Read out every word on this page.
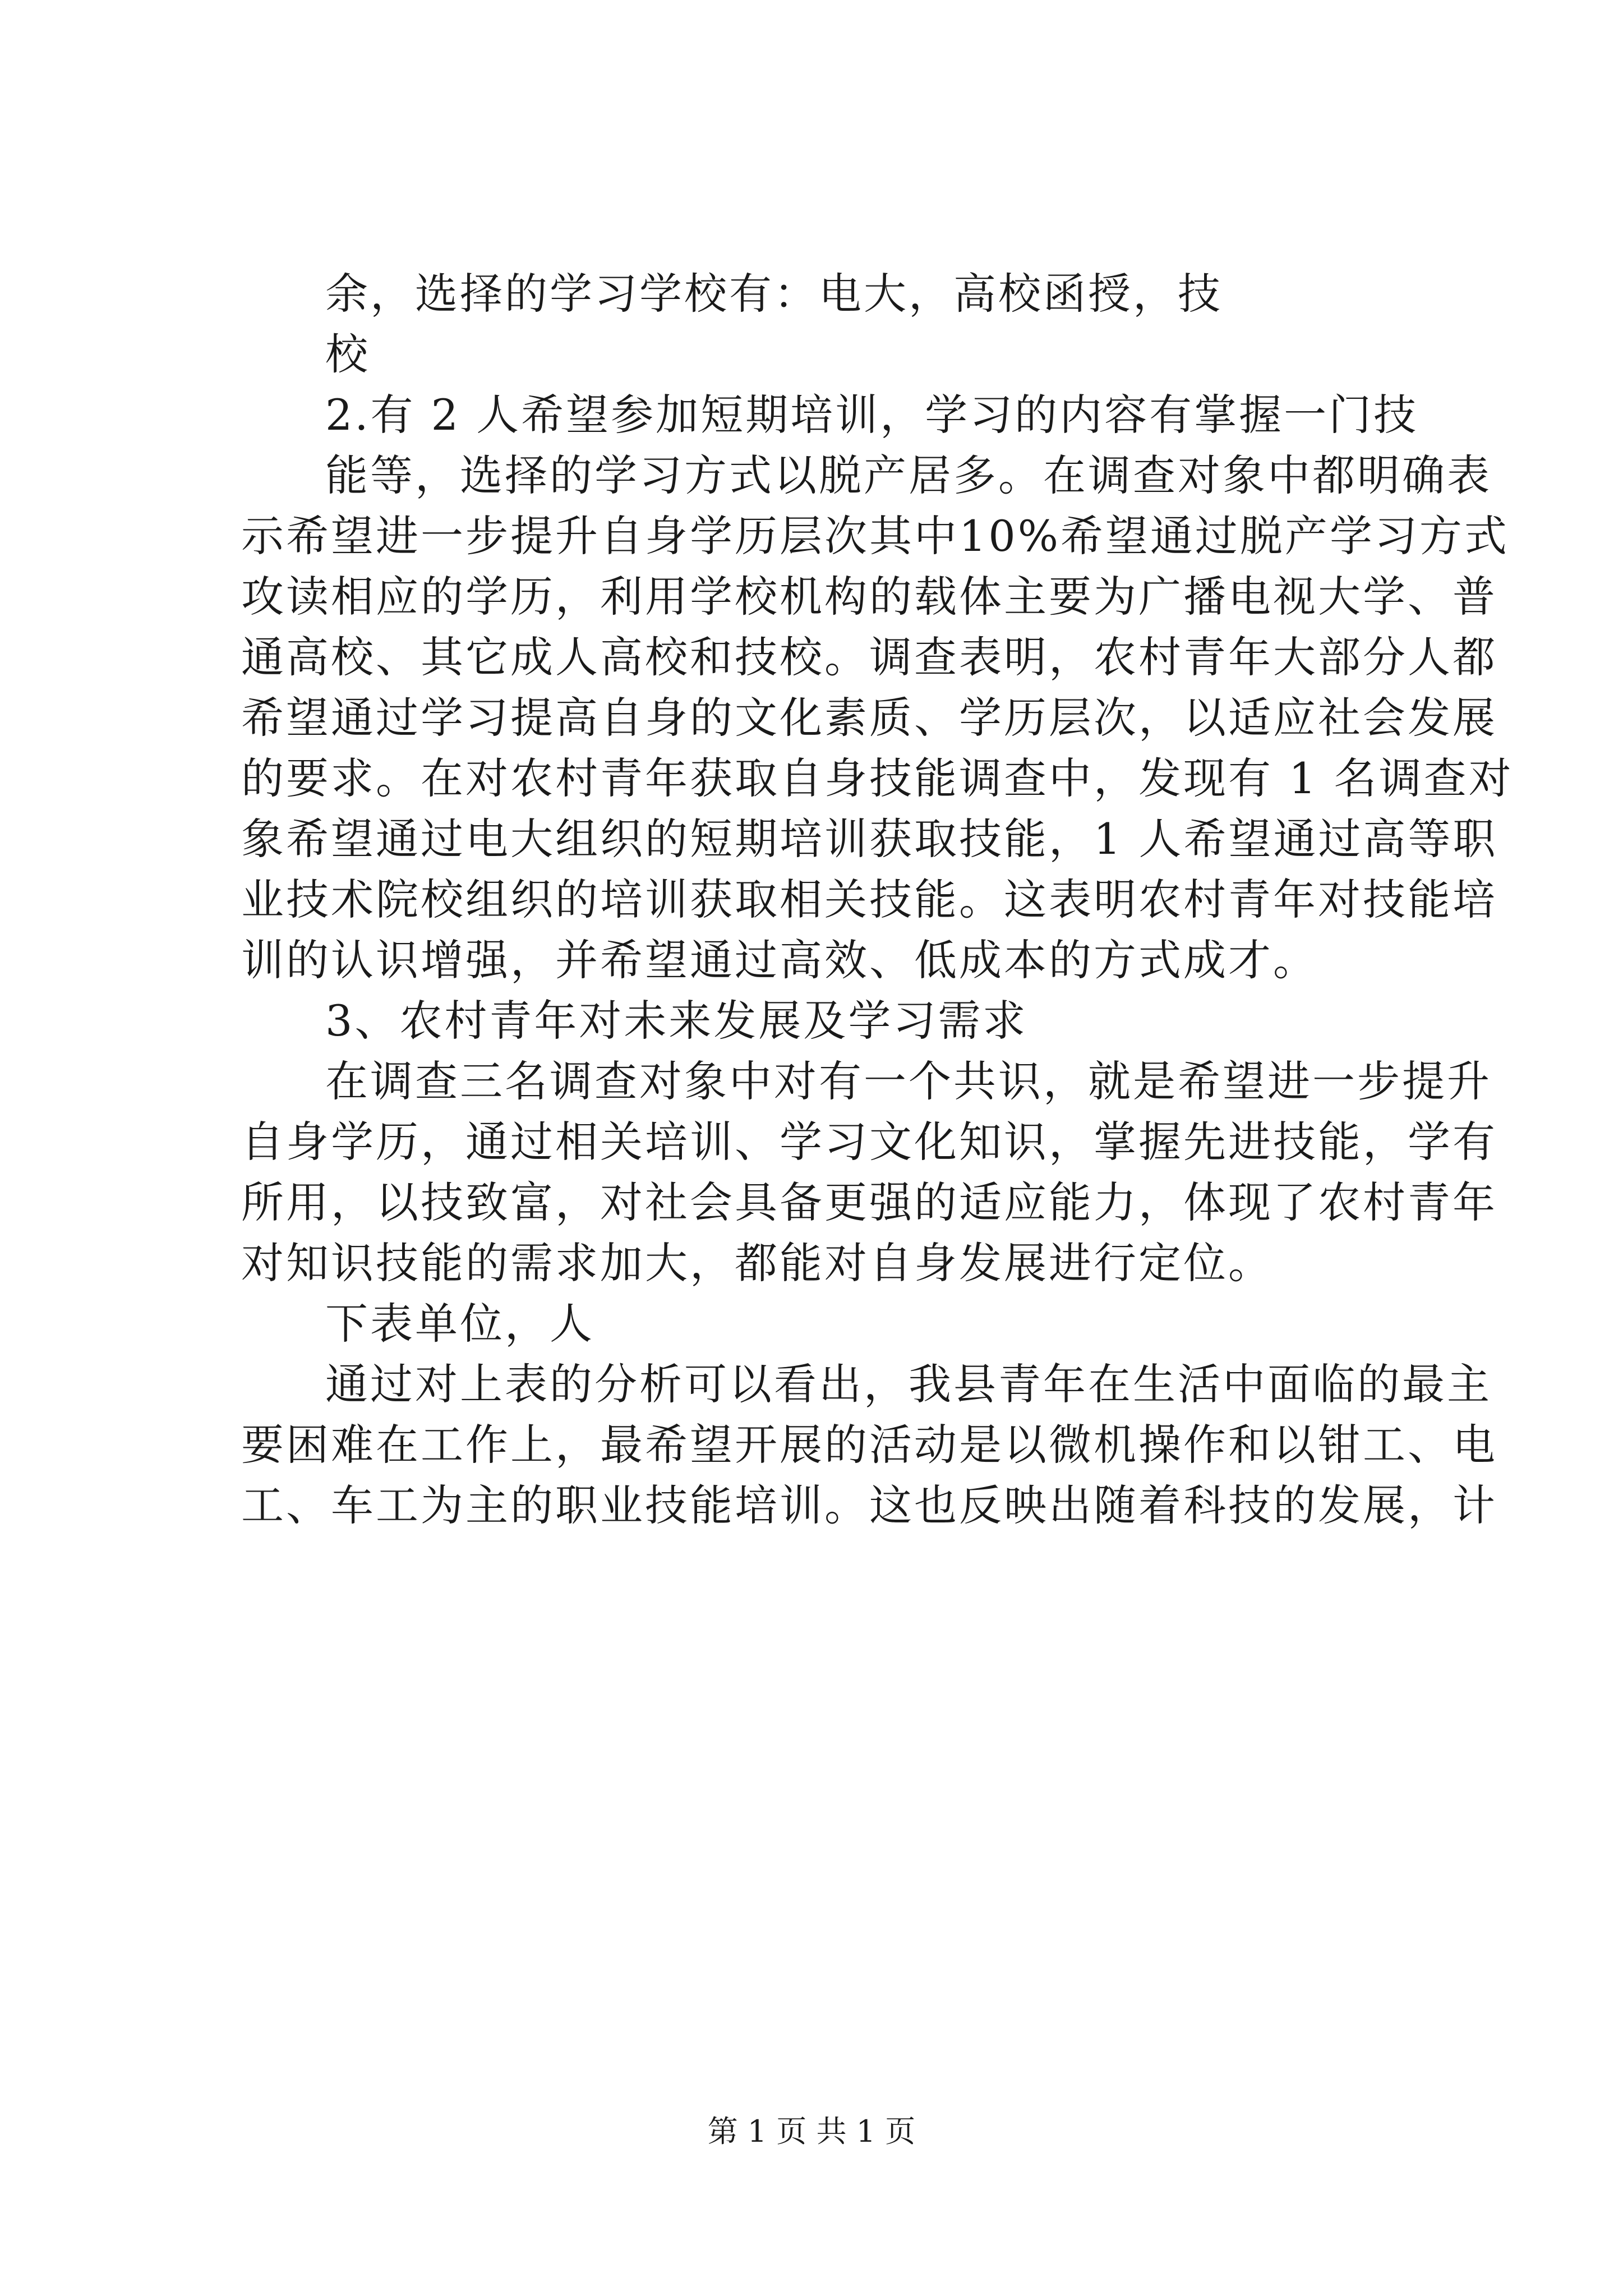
余，选择的学习学校有：电大，高校函授，技
校
2.有 2 人希望参加短期培训，学习的内容有掌握一门技
能等，选择的学习方式以脱产居多。在调查对象中都明确表
示希望进一步提升自身学历层次其中10%希望通过脱产学习方式
攻读相应的学历，利用学校机构的载体主要为广播电视大学、普
通高校、其它成人高校和技校。调查表明，农村青年大部分人都
希望通过学习提高自身的文化素质、学历层次，以适应社会发展
的要求。在对农村青年获取自身技能调查中，发现有 1 名调查对
象希望通过电大组织的短期培训获取技能，1 人希望通过高等职
业技术院校组织的培训获取相关技能。这表明农村青年对技能培
训的认识增强，并希望通过高效、低成本的方式成才。
3、农村青年对未来发展及学习需求
在调查三名调查对象中对有一个共识，就是希望进一步提升
自身学历，通过相关培训、学习文化知识，掌握先进技能，学有
所用，以技致富，对社会具备更强的适应能力，体现了农村青年
对知识技能的需求加大，都能对自身发展进行定位。
下表单位，人
通过对上表的分析可以看出，我县青年在生活中面临的最主
要困难在工作上，最希望开展的活动是以微机操作和以钳工、电
工、车工为主的职业技能培训。这也反映出随着科技的发展，计
第 1 页 共 1 页
